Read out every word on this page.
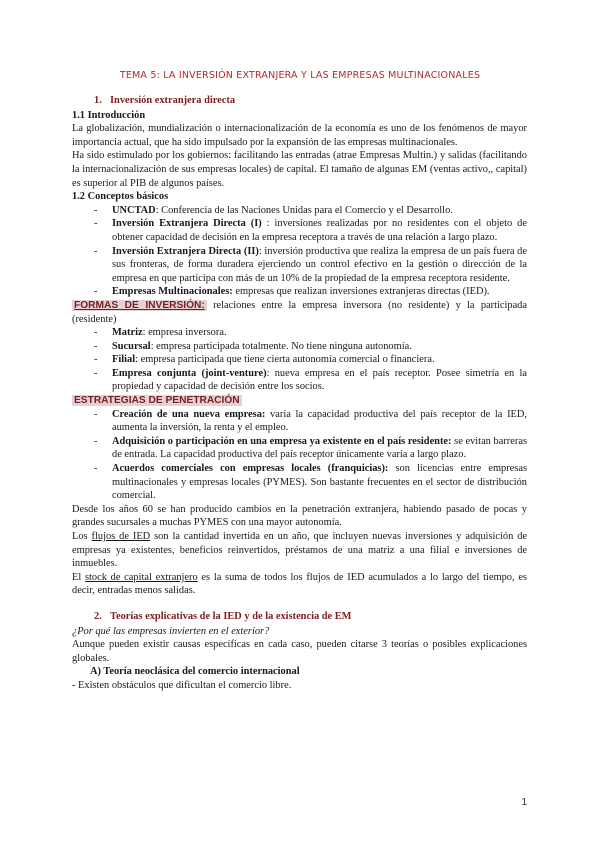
TEMA 5: LA INVERSIÓN EXTRANJERA Y LAS EMPRESAS MULTINACIONALES
1. Inversión extranjera directa
1.1 Introducción

La globalización, mundialización o internacionalización de la economía es uno de los fenómenos de mayor importancia actual, que ha sido impulsado por la expansión de las empresas multinacionales.

Ha sido estimulado por los gobiernos: facilitando las entradas (atrae Empresas Multin.) y salidas (facilitando la internacionalización de sus empresas locales) de capital. El tamaño de algunas EM (ventas activo,, capital) es superior al PIB de algunos países.

1.2 Conceptos básicos
- UNCTAD: Conferencia de las Naciones Unidas para el Comercio y el Desarrollo.
- Inversión Extranjera Directa (I) : inversiones realizadas por no residentes con el objeto de obtener capacidad de decisión en la empresa receptora a través de una relación a largo plazo.
- Inversión Extranjera Directa (II): inversión productiva que realiza la empresa de un país fuera de sus fronteras, de forma duradera ejerciendo un control efectivo en la gestión o dirección de la empresa en que participa con más de un 10% de la propiedad de la empresa receptora residente.
- Empresas Multinacionales: empresas que realizan inversiones extranjeras directas (IED).

FORMAS DE INVERSIÓN: relaciones entre la empresa inversora (no residente) y la participada (residente)

- Matriz: empresa inversora.
- Sucursal: empresa participada totalmente. No tiene ninguna autonomía.
- Filial: empresa participada que tiene cierta autonomía comercial o financiera.
- Empresa conjunta (joint-venture): nueva empresa en el país receptor. Posee simetría en la propiedad y capacidad de decisión entre los socios.

ESTRATEGIAS DE PENETRACIÓN

- Creación de una nueva empresa: varía la capacidad productiva del país receptor de la IED, aumenta la inversión, la renta y el empleo.
- Adquisición o participación en una empresa ya existente en el país residente: se evitan barreras de entrada. La capacidad productiva del país receptor únicamente varía a largo plazo.
- Acuerdos comerciales con empresas locales (franquicias): son licencias entre empresas multinacionales y empresas locales (PYMES). Son bastante frecuentes en el sector de distribución comercial.

Desde los años 60 se han producido cambios en la penetración extranjera, habiendo pasado de pocas y grandes sucursales a muchas PYMES con una mayor autonomía.

Los flujos de IED son la cantidad invertida en un año, que incluyen nuevas inversiones y adquisición de empresas ya existentes, beneficios reinvertidos, préstamos de una matriz a una filial e inversiones de inmuebles.

El stock de capital extranjero es la suma de todos los flujos de IED acumulados a lo largo del tiempo, es decir, entradas menos salidas.

2. Teorías explicativas de la IED y de la existencia de EM

¿Por qué las empresas invierten en el exterior?

Aunque pueden existir causas específicas en cada caso, pueden citarse 3 teorías o posibles explicaciones globales.

A) Teoría neoclásica del comercio internacional

- Existen obstáculos que dificultan el comercio libre.

1
